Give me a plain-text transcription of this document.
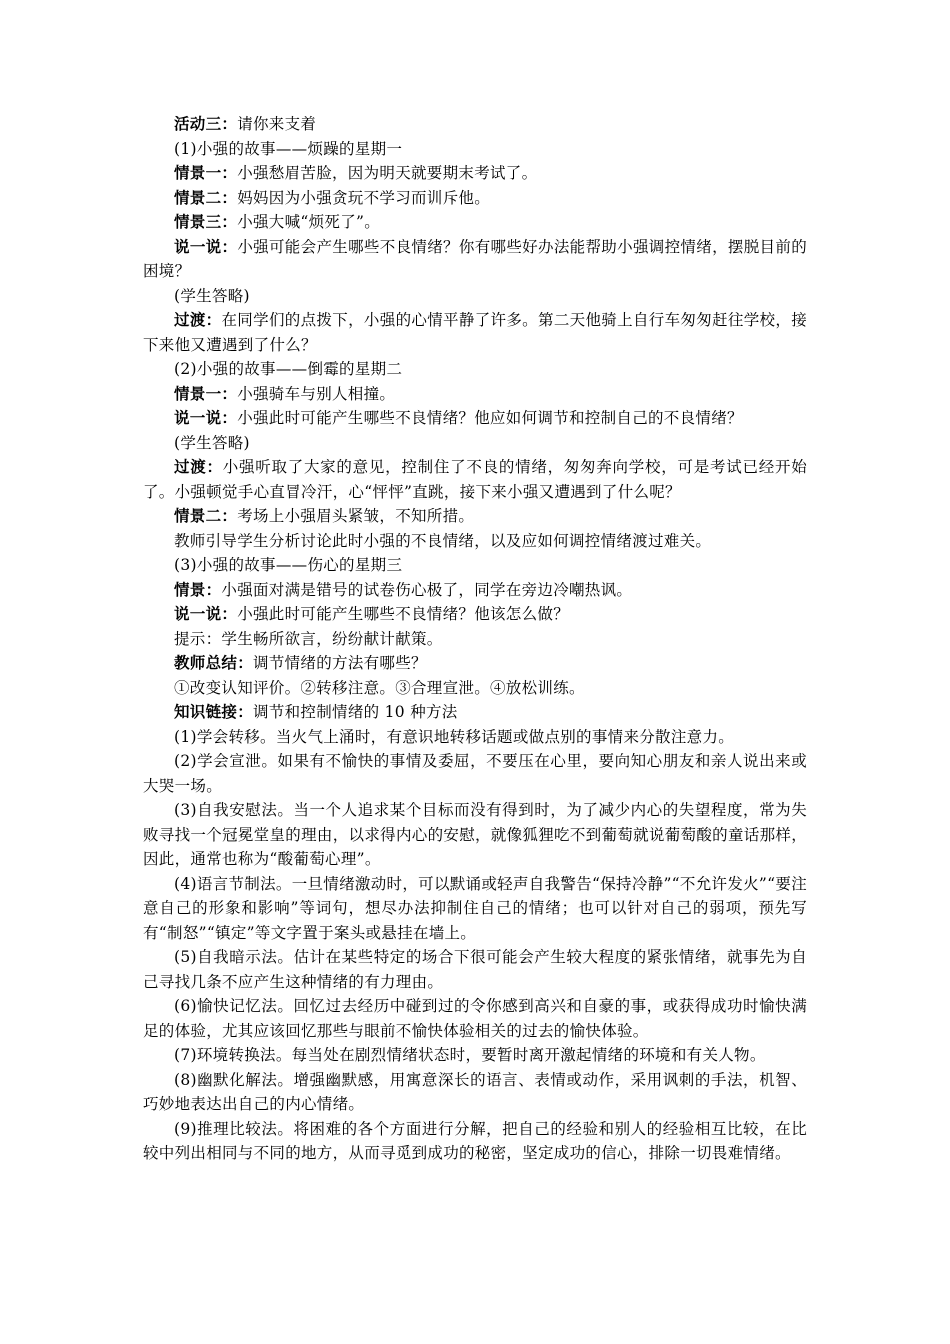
活动三：请你来支着

(1)小强的故事——烦躁的星期一

情景一：小强愁眉苦脸，因为明天就要期末考试了。

情景二：妈妈因为小强贪玩不学习而训斥他。

情景三：小强大喊“烦死了”。

说一说：小强可能会产生哪些不良情绪？你有哪些好办法能帮助小强调控情绪，摆脱目前的困境？

(学生答略)

过渡：在同学们的点拨下，小强的心情平静了许多。第二天他骑上自行车匆匆赶往学校，接下来他又遭遇到了什么？

(2)小强的故事——倒霉的星期二

情景一：小强骑车与别人相撞。

说一说：小强此时可能产生哪些不良情绪？他应如何调节和控制自己的不良情绪？

(学生答略)

过渡：小强听取了大家的意见，控制住了不良的情绪，匆匆奔向学校，可是考试已经开始了。小强顿觉手心直冒冷汗，心“怦怦”直跳，接下来小强又遭遇到了什么呢？

情景二：考场上小强眉头紧皱，不知所措。

教师引导学生分析讨论此时小强的不良情绪，以及应如何调控情绪渡过难关。

(3)小强的故事——伤心的星期三

情景：小强面对满是错号的试卷伤心极了，同学在旁边冷嘲热讽。

说一说：小强此时可能产生哪些不良情绪？他该怎么做？

提示：学生畅所欲言，纷纷献计献策。

教师总结：调节情绪的方法有哪些？

①改变认知评价。②转移注意。③合理宣泄。④放松训练。

知识链接：调节和控制情绪的 10 种方法

(1)学会转移。当火气上涌时，有意识地转移话题或做点别的事情来分散注意力。

(2)学会宣泄。如果有不愉快的事情及委屈，不要压在心里，要向知心朋友和亲人说出来或大哭一场。

(3)自我安慰法。当一个人追求某个目标而没有得到时，为了减少内心的失望程度，常为失败寻找一个冠冕堂皇的理由，以求得内心的安慰，就像狐狸吃不到葡萄就说葡萄酸的童话那样，因此，通常也称为“酸葡萄心理”。

(4)语言节制法。一旦情绪激动时，可以默诵或轻声自我警告“保持冷静”“不允许发火”“要注意自己的形象和影响”等词句，想尽办法抑制住自己的情绪；也可以针对自己的弱项，预先写有“制怒”“镇定”等文字置于案头或悬挂在墙上。

(5)自我暗示法。估计在某些特定的场合下很可能会产生较大程度的紧张情绪，就事先为自己寻找几条不应产生这种情绪的有力理由。

(6)愉快记忆法。回忆过去经历中碰到过的令你感到高兴和自豪的事，或获得成功时愉快满足的体验，尤其应该回忆那些与眼前不愉快体验相关的过去的愉快体验。

(7)环境转换法。每当处在剧烈情绪状态时，要暂时离开激起情绪的环境和有关人物。

(8)幽默化解法。增强幽默感，用寓意深长的语言、表情或动作，采用讽刺的手法，机智、巧妙地表达出自己的内心情绪。

(9)推理比较法。将困难的各个方面进行分解，把自己的经验和别人的经验相互比较，在比较中列出相同与不同的地方，从而寻觅到成功的秘密，坚定成功的信心，排除一切畏难情绪。
